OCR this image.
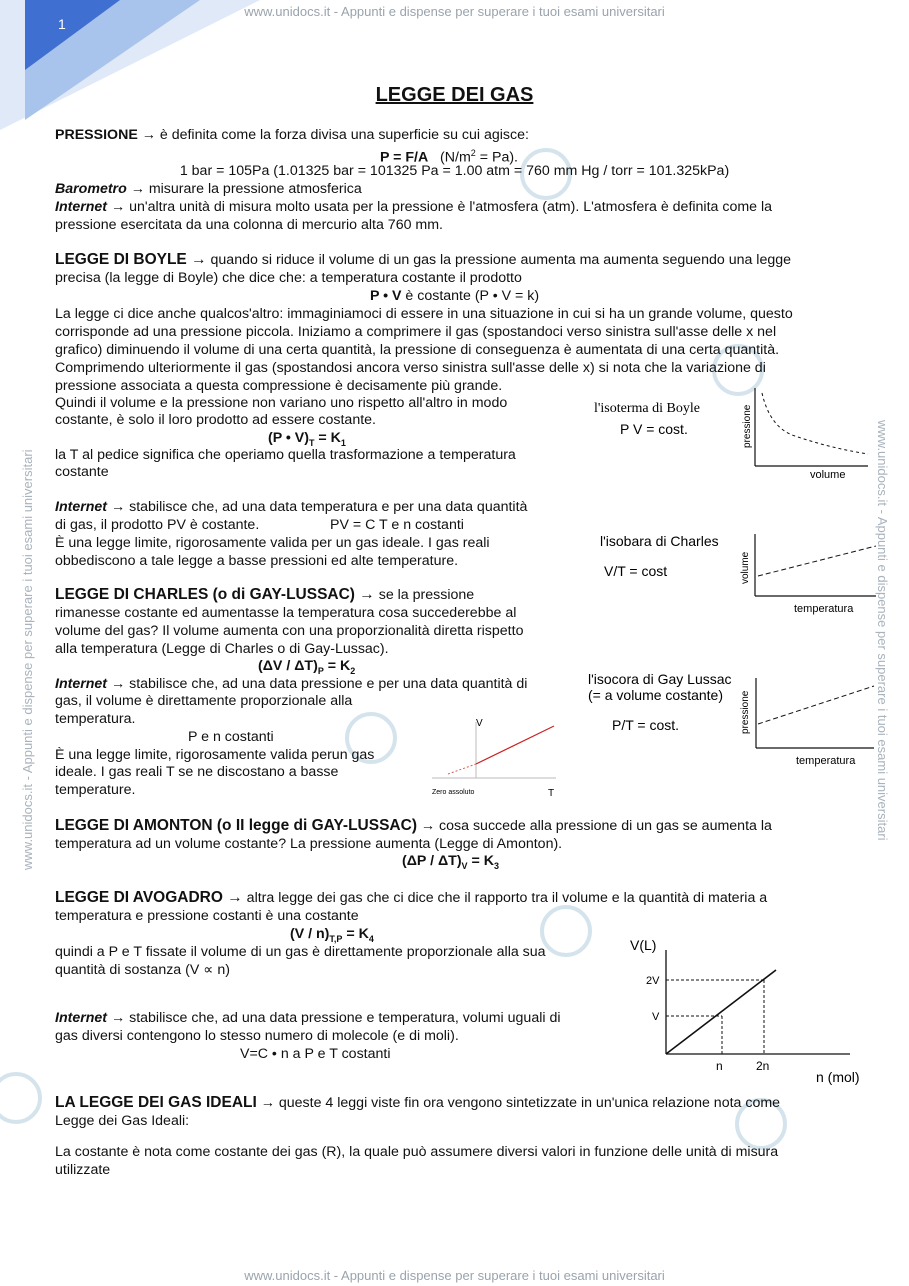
1
www.unidocs.it - Appunti e dispense per superare i tuoi esami universitari
www.unidocs.it - Appunti e dispense per superare i tuoi esami universitari
www.unidocs.it - Appunti e dispense per superare i tuoi esami universitari	www.unidocs.it - Appunti e dispense per superare i tuoi esami universitari
LEGGE DEI GAS
PRESSIONE → è definita come la forza divisa una superficie su cui agisce:
P = F/A   $(N/m^2 = Pa)$.
1 bar = 105Pa (1.01325 bar = 101325 Pa = 1.00 atm = 760 mm Hg / torr = 101.325kPa)
Barometro → misurare la pressione atmosferica
Internet → un'altra unità di misura molto usata per la pressione è l'atmosfera (atm). L'atmosfera è definita come la
pressione esercitata da una colonna di mercurio alta 760 mm.
LEGGE DI BOYLE → quando si riduce il volume di un gas la pressione aumenta ma aumenta seguendo una legge
precisa (la legge di Boyle) che dice che: a temperatura costante il prodotto
P • V è costante (P • V = k)
La legge ci dice anche qualcos'altro: immaginiamoci di essere in una situazione in cui si ha un grande volume, questo
corrisponde ad una pressione piccola. Iniziamo a comprimere il gas (spostandoci verso sinistra sull'asse delle x nel
grafico) diminuendo il volume di una certa quantità, la pressione di conseguenza è aumentata di una certa quantità.
Comprimendo ulteriormente il gas (spostandosi ancora verso sinistra sull'asse delle x) si nota che la variazione di
pressione associata a questa compressione è decisamente più grande.
Quindi il volume e la pressione non variano uno rispetto all'altro in modo
costante, è solo il loro prodotto ad essere costante.
(P • $V)_T = K_1$
la T al pedice significa che operiamo quella trasformazione a temperatura
costante
Internet → stabilisce che, ad una data temperatura e per una data quantità
di gas, il prodotto PV è costante.	PV = C T e n costanti
È una legge limite, rigorosamente valida per un gas ideale. I gas reali
obbediscono a tale legge a basse pressioni ed alte temperature.
l'isoterma di Boyle
P V = cost.	pressione
volume
l'isobara di Charles
V/T = cost	volume
temperatura
LEGGE DI CHARLES (o di GAY-LUSSAC) → se la pressione
rimanesse costante ed aumentasse la temperatura cosa succederebbe al
volume del gas? Il volume aumenta con una proporzionalità diretta rispetto
alla temperatura (Legge di Charles o di Gay-Lussac).
$(\Delta V / \Delta T)_P = K_2$
Internet → stabilisce che, ad una data pressione e per una data quantità di
gas, il volume è direttamente proporzionale alla
temperatura.
P e n costanti
È una legge limite, rigorosamente valida perun gas
ideale. I gas reali T se ne discostano a basse
temperature.
V
T
Zero assoluto
l'isocora di Gay Lussac
(= a volume costante)
P/T = cost.	pressione
temperatura
LEGGE DI AMONTON (o II legge di GAY-LUSSAC) → cosa succede alla pressione di un gas se aumenta la
temperatura ad un volume costante? La pressione aumenta (Legge di Amonton).
$(\Delta P / \Delta T)_V = K_3$
LEGGE DI AVOGADRO → altra legge dei gas che ci dice che il rapporto tra il volume e la quantità di materia a
temperatura e pressione costanti è una costante
$(V / n)_{T,P} = K_4$
quindi a P e T fissate il volume di un gas è direttamente proporzionale alla sua
quantità di sostanza (V ∝ n)
Internet → stabilisce che, ad una data pressione e temperatura, volumi uguali di
gas diversi contengono lo stesso numero di molecole (e di moli).
V=C • n a P e T costanti
V(L)
n (mol)
V
2V
n	2n
LA LEGGE DEI GAS IDEALI → queste 4 leggi viste fin ora vengono sintetizzate in un'unica relazione nota come
Legge dei Gas Ideali:
La costante è nota come costante dei gas (R), la quale può assumere diversi valori in funzione delle unità di misura
utilizzate
